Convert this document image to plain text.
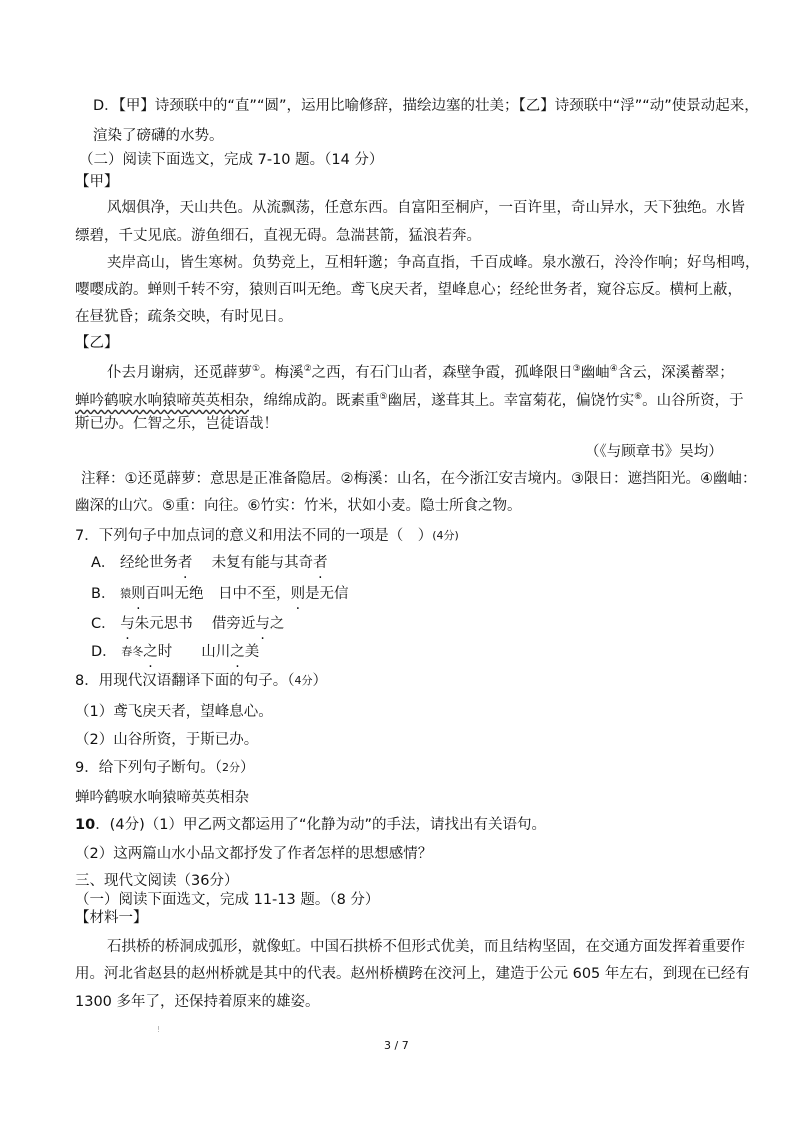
D．【甲】诗颈联中的“直”“圆”，运用比喻修辞，描绘边塞的壮美；【乙】诗颈联中“浮”“动”使景动起来，
渲染了磅礴的水势。
（二）阅读下面选文，完成 7-10 题。（14 分）
【甲】
风烟俱净，天山共色。从流飘荡，任意东西。自富阳至桐庐，一百许里，奇山异水，天下独绝。水皆
缥碧，千丈见底。游鱼细石，直视无碍。急湍甚箭，猛浪若奔。
夹岸高山，皆生寒树。负势竞上，互相轩邈；争高直指，千百成峰。泉水激石，泠泠作响；好鸟相鸣，
嘤嘤成韵。蝉则千转不穷，猿则百叫无绝。鸢飞戾天者，望峰息心；经纶世务者，窥谷忘反。横柯上蔽，
在昼犹昏；疏条交映，有时见日。
【乙】
仆去月谢病，还觅薜萝①。梅溪②之西，有石门山者，森壁争霞，孤峰限日③幽岫④含云，深溪蓄翠；
蝉吟鹤唳水响猿啼英英相杂，绵绵成韵。既素重⑤幽居，遂葺其上。幸富菊花，偏饶竹实⑥。山谷所资，于
斯已办。仁智之乐，岂徒语哉！
（《与顾章书》吴均）
注释：①还觅薜萝：意思是正准备隐居。②梅溪：山名，在今浙江安吉境内。③限日：遮挡阳光。④幽岫：
幽深的山穴。⑤重：向往。⑥竹实：竹米，状如小麦。隐士所食之物。
7．下列句子中加点词的意义和用法不同的一项是（　）$^{(4分)}$
A． 经纶世务者　 未复有能与其奇者
B． $^猿$则百叫无绝　 日中不至，则是无信
C． 与朱元思书　 借旁近与之
D． $^{春冬}$之时　　 山川之美
8．用现代汉语翻译下面的句子。（$^{4分}$）
（1）鸢飞戾天者，望峰息心。
（2）山谷所资，于斯已办。
9．给下列句子断句。（$^{2分}$）
蝉吟鹤唳水响猿啼英英相杂
10．(4分)（1）甲乙两文都运用了“化静为动”的手法，请找出有关语句。
（2）这两篇山水小品文都抒发了作者怎样的思想感情？
三、现代文阅读（36分）
（一）阅读下面选文，完成 11-13 题。（8 分）
【材料一】
石拱桥的桥洞成弧形，就像虹。中国石拱桥不但形式优美，而且结构坚固，在交通方面发挥着重要作
用。河北省赵县的赵州桥就是其中的代表。赵州桥横跨在洨河上，建造于公元 605 年左右，到现在已经有
1300 多年了，还保持着原来的雄姿。
!
3 / 7
